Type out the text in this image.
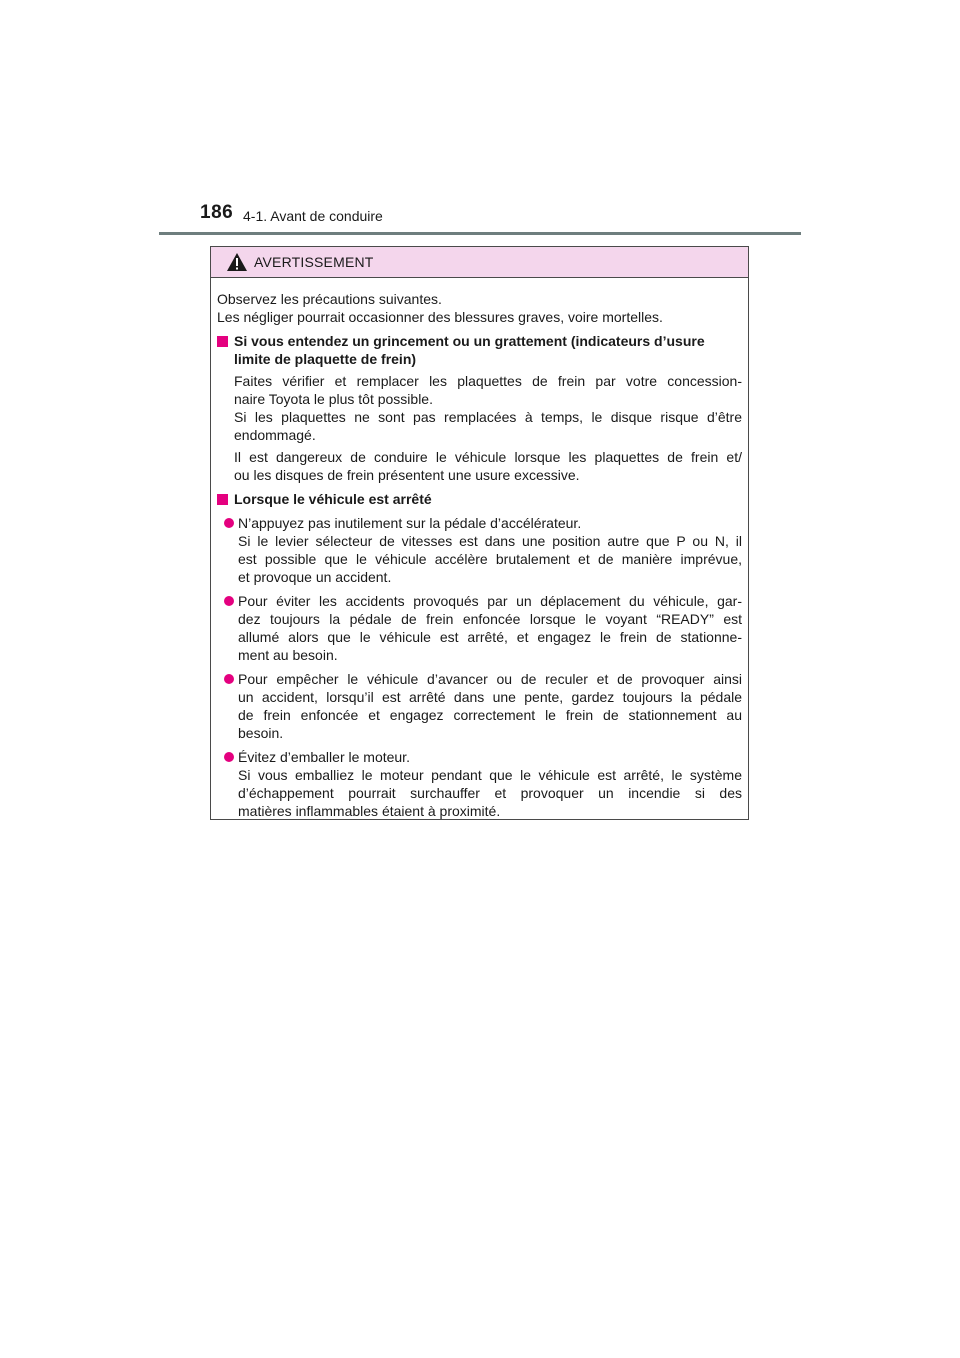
186 4-1. Avant de conduire
AVERTISSEMENT

Observez les précautions suivantes.

Les négliger pourrait occasionner des blessures graves, voire mortelles.

Si vous entendez un grincement ou un grattement (indicateurs d’usure
limite de plaquette de frein)

Faites vérifier et remplacer les plaquettes de frein par votre concession-
naire Toyota le plus tôt possible.
Si les plaquettes ne sont pas remplacées à temps, le disque risque d’être
endommagé.

Il est dangereux de conduire le véhicule lorsque les plaquettes de frein et/
ou les disques de frein présentent une usure excessive.

Lorsque le véhicule est arrêté
N’appuyez pas inutilement sur la pédale d’accélérateur.
Si le levier sélecteur de vitesses est dans une position autre que P ou N, il
est possible que le véhicule accélère brutalement et de manière imprévue,
et provoque un accident.
Pour éviter les accidents provoqués par un déplacement du véhicule, gar-
dez toujours la pédale de frein enfoncée lorsque le voyant “READY” est
allumé alors que le véhicule est arrêté, et engagez le frein de stationne-
ment au besoin.
Pour empêcher le véhicule d’avancer ou de reculer et de provoquer ainsi
un accident, lorsqu’il est arrêté dans une pente, gardez toujours la pédale
de frein enfoncée et engagez correctement le frein de stationnement au
besoin.
Évitez d’emballer le moteur.
Si vous emballiez le moteur pendant que le véhicule est arrêté, le système
d’échappement pourrait surchauffer et provoquer un incendie si des
matières inflammables étaient à proximité.
